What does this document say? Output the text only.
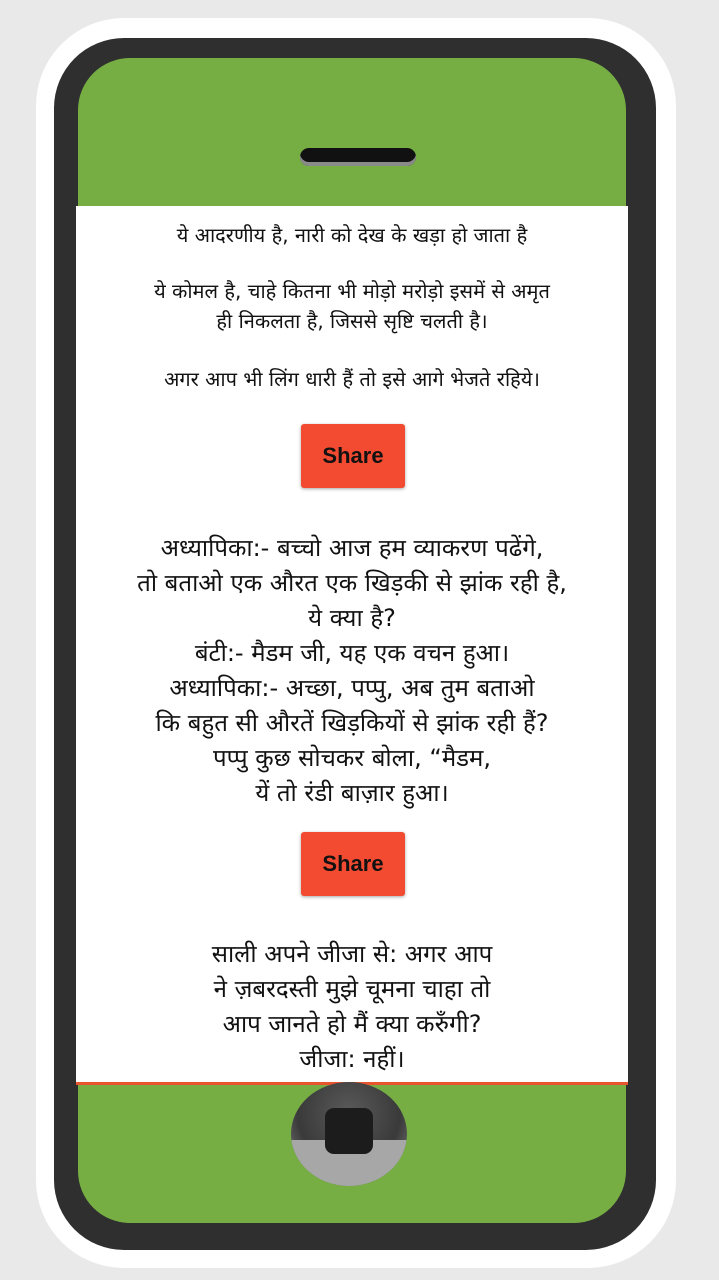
ये आदरणीय है, नारी को देख के खड़ा हो जाता है

ये कोमल है, चाहे कितना भी मोड़ो मरोड़ो इसमें से अमृत

ही निकलता है, जिससे सृष्टि चलती है।

अगर आप भी लिंग धारी हैं तो इसे आगे भेजते रहिये।

Share

अध्यापिका:- बच्चो आज हम व्याकरण पढेंगे,

तो बताओ एक औरत एक खिड़की से झांक रही है,

ये क्या है?

बंटी:- मैडम जी, यह एक वचन हुआ।

अध्यापिका:- अच्छा, पप्पु, अब तुम बताओ

कि बहुत सी औरतें खिड़कियों से झांक रही हैं?

पप्पु कुछ सोचकर बोला, “मैडम,

यें तो रंडी बाज़ार हुआ।

Share

साली अपने जीजा से: अगर आप

ने ज़बरदस्ती मुझे चूमना चाहा तो

आप जानते हो मैं क्या करुँगी?

जीजा: नहीं।
